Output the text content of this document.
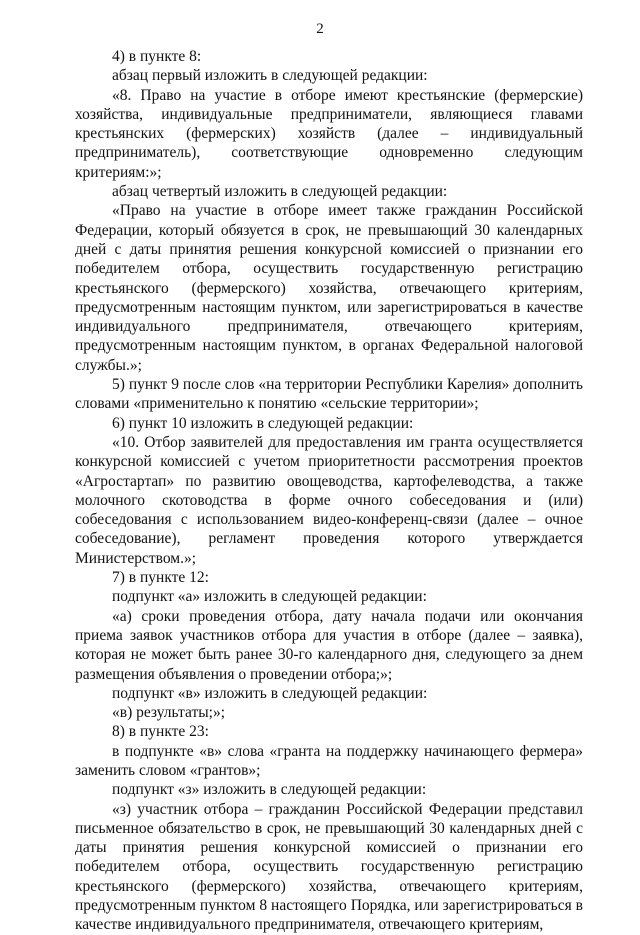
2

4) в пункте 8:

абзац первый изложить в следующей редакции:

«8. Право на участие в отборе имеют крестьянские (фермерские) хозяйства, индивидуальные предприниматели, являющиеся главами крестьянских (фермерских) хозяйств (далее – индивидуальный предприниматель), соответствующие одновременно следующим критериям:»;

абзац четвертый изложить в следующей редакции:

«Право на участие в отборе имеет также гражданин Российской Федерации, который обязуется в срок, не превышающий 30 календарных дней с даты принятия решения конкурсной комиссией о признании его победителем отбора, осуществить государственную регистрацию крестьянского (фермерского) хозяйства, отвечающего критериям, предусмотренным настоящим пунктом, или зарегистрироваться в качестве индивидуального предпринимателя, отвечающего критериям, предусмотренным настоящим пунктом, в органах Федеральной налоговой службы.»;

5) пункт 9 после слов «на территории Республики Карелия» дополнить словами «применительно к понятию «сельские территории»;

6) пункт 10 изложить в следующей редакции:

«10. Отбор заявителей для предоставления им гранта осуществляется конкурсной комиссией с учетом приоритетности рассмотрения проектов «Агростартап» по развитию овощеводства, картофелеводства, а также молочного скотоводства в форме очного собеседования и (или) собеседования с использованием видео-конференц-связи (далее – очное собеседование), регламент проведения которого утверждается Министерством.»;

7) в пункте 12:

подпункт «а» изложить в следующей редакции:

«а) сроки проведения отбора, дату начала подачи или окончания приема заявок участников отбора для участия в отборе (далее – заявка), которая не может быть ранее 30-го календарного дня, следующего за днем размещения объявления о проведении отбора;»;

подпункт «в» изложить в следующей редакции:

«в) результаты;»;

8) в пункте 23:

в подпункте «в» слова «гранта на поддержку начинающего фермера» заменить словом «грантов»;

подпункт «з» изложить в следующей редакции:

«з) участник отбора – гражданин Российской Федерации представил письменное обязательство в срок, не превышающий 30 календарных дней с даты принятия решения конкурсной комиссией о признании его победителем отбора, осуществить государственную регистрацию крестьянского (фермерского) хозяйства, отвечающего критериям, предусмотренным пунктом 8 настоящего Порядка, или зарегистрироваться в качестве индивидуального предпринимателя, отвечающего критериям,
